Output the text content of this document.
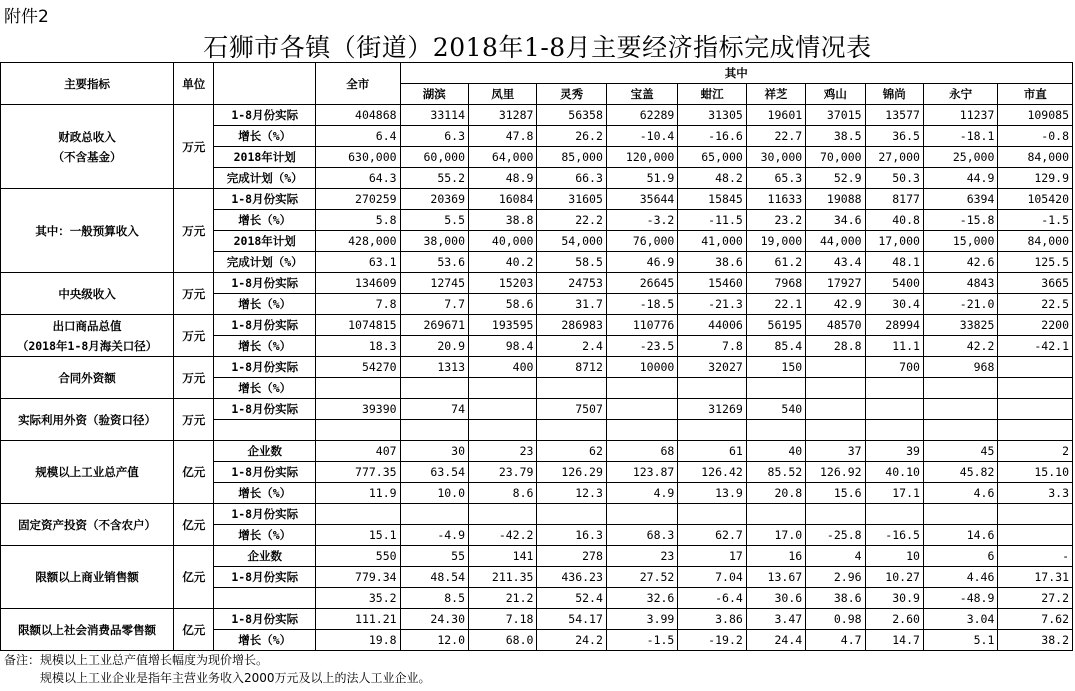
附件2
石狮市各镇（街道）2018年1-8月主要经济指标完成情况表
主要指标	单位		全市	其中									
				湖滨	凤里	灵秀	宝盖	蚶江	祥芝	鸡山	锦尚	永宁	市直

财政总收入
（不含基金）	万元	1-8月份实际	404868	33114	31287	56358	62289	31305	19601	37015	13577	11237	109085
		增长（%）	6.4	6.3	47.8	26.2	-10.4	-16.6	22.7	38.5	36.5	-18.1	-0.8
		2018年计划	630,000	60,000	64,000	85,000	120,000	65,000	30,000	70,000	27,000	25,000	84,000
		完成计划（%）	64.3	55.2	48.9	66.3	51.9	48.2	65.3	52.9	50.3	44.9	129.9

其中：一般预算收入	万元	1-8月份实际	270259	20369	16084	31605	35644	15845	11633	19088	8177	6394	105420
		增长（%）	5.8	5.5	38.8	22.2	-3.2	-11.5	23.2	34.6	40.8	-15.8	-1.5
		2018年计划	428,000	38,000	40,000	54,000	76,000	41,000	19,000	44,000	17,000	15,000	84,000
		完成计划（%）	63.1	53.6	40.2	58.5	46.9	38.6	61.2	43.4	48.1	42.6	125.5

中央级收入	万元	1-8月份实际	134609	12745	15203	24753	26645	15460	7968	17927	5400	4843	3665
		增长（%）	7.8	7.7	58.6	31.7	-18.5	-21.3	22.1	42.9	30.4	-21.0	22.5

出口商品总值
（2018年1-8月海关口径）	万元	1-8月份实际	1074815	269671	193595	286983	110776	44006	56195	48570	28994	33825	2200
		增长（%）	18.3	20.9	98.4	2.4	-23.5	7.8	85.4	28.8	11.1	42.2	-42.1

合同外资额	万元	1-8月份实际	54270	1313	400	8712	10000	32027	150		700	968	
		增长（%）											

实际利用外资（验资口径）	万元	1-8月份实际	39390	74		7507		31269	540				

规模以上工业总产值	亿元	企业数	407	30	23	62	68	61	40	37	39	45	2
		1-8月份实际	777.35	63.54	23.79	126.29	123.87	126.42	85.52	126.92	40.10	45.82	15.10
		增长（%）	11.9	10.0	8.6	12.3	4.9	13.9	20.8	15.6	17.1	4.6	3.3

固定资产投资（不含农户）	亿元	1-8月份实际											
		增长（%）	15.1	-4.9	-42.2	16.3	68.3	62.7	17.0	-25.8	-16.5	14.6	

限额以上商业销售额	亿元	企业数	550	55	141	278	23	17	16	4	10	6	-
		1-8月份实际	779.34	48.54	211.35	436.23	27.52	7.04	13.67	2.96	10.27	4.46	17.31
			35.2	8.5	21.2	52.4	32.6	-6.4	30.6	38.6	30.9	-48.9	27.2

限额以上社会消费品零售额	亿元	1-8月份实际	111.21	24.30	7.18	54.17	3.99	3.86	3.47	0.98	2.60	3.04	7.62
		增长（%）	19.8	12.0	68.0	24.2	-1.5	-19.2	24.4	4.7	14.7	5.1	38.2
备注：规模以上工业总产值增长幅度为现价增长。
规模以上工业企业是指年主营业务收入2000万元及以上的法人工业企业。
